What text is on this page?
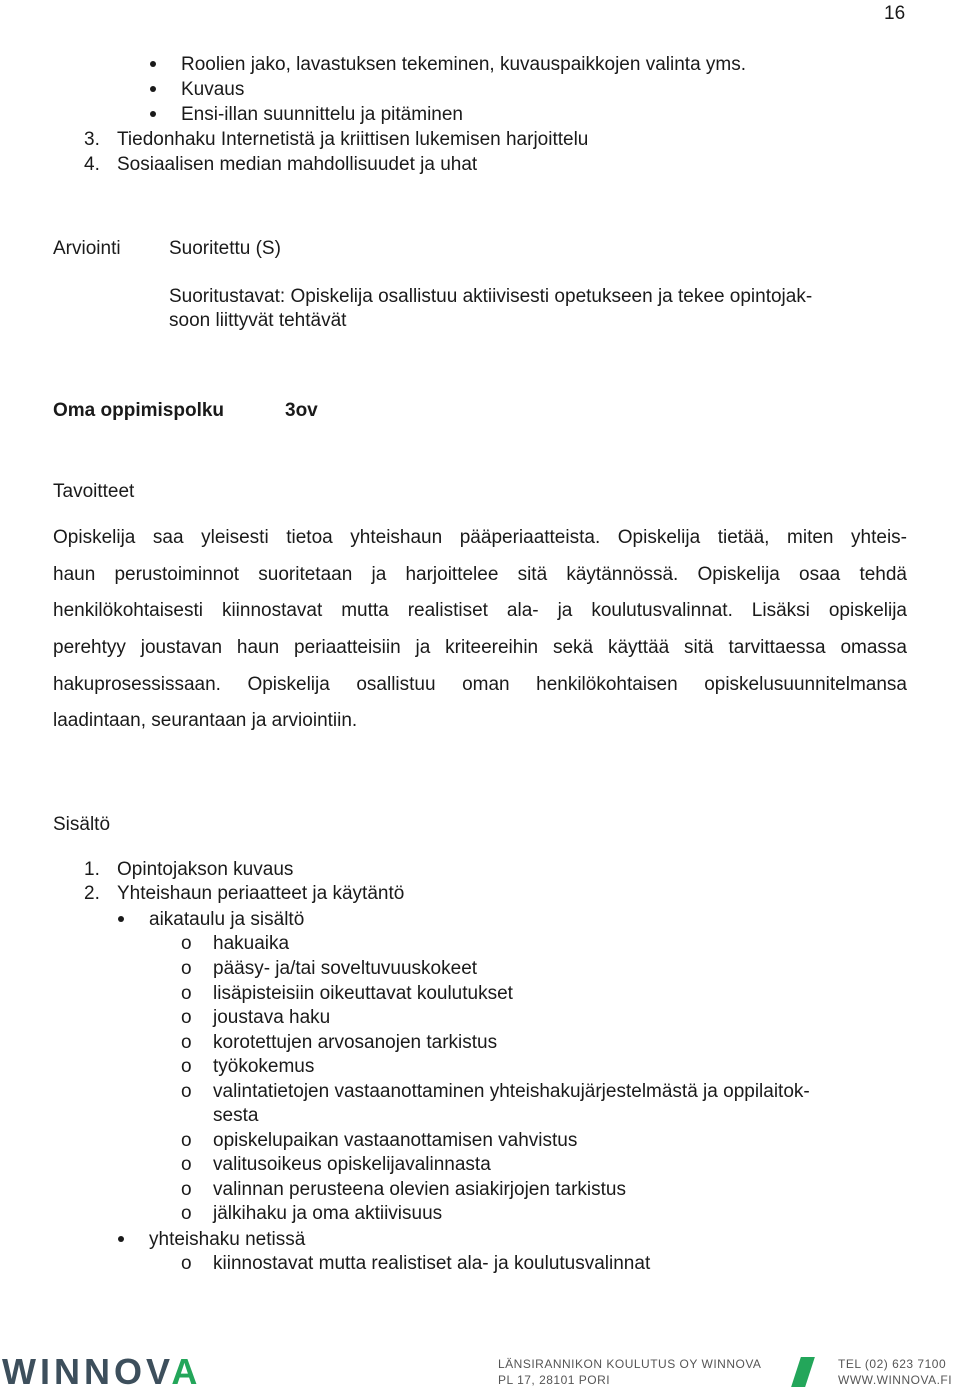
16
Roolien jako, lavastuksen tekeminen, kuvauspaikkojen valinta yms.
Kuvaus
Ensi-illan suunnittelu ja pitäminen
3. Tiedonhaku Internetistä ja kriittisen lukemisen harjoittelu
4. Sosiaalisen median mahdollisuudet ja uhat
Arviointi	Suoritettu (S)
Suoritustavat: Opiskelija osallistuu aktiivisesti opetukseen ja tekee opintojak-
soon liittyvät tehtävät
Oma oppimispolku	3ov
Tavoitteet
Opiskelija saa yleisesti tietoa yhteishaun pääperiaatteista. Opiskelija tietää, miten yhteis-
haun perustoiminnot suoritetaan ja harjoittelee sitä käytännössä. Opiskelija osaa tehdä
henkilökohtaisesti kiinnostavat mutta realistiset ala- ja koulutusvalinnat. Lisäksi opiskelija
perehtyy joustavan haun periaatteisiin ja kriteereihin sekä käyttää sitä tarvittaessa omassa
hakuprosessissaan. Opiskelija osallistuu oman henkilökohtaisen opiskelusuunnitelmansa
laadintaan, seurantaan ja arviointiin.
Sisältö
1. Opintojakson kuvaus
2. Yhteishaun periaatteet ja käytäntö
aikataulu ja sisältö
o hakuaika
o pääsy- ja/tai soveltuvuuskokeet
o lisäpisteisiin oikeuttavat koulutukset
o joustava haku
o korotettujen arvosanojen tarkistus
o työkokemus
o valintatietojen vastaanottaminen yhteishakujärjestelmästä ja oppilaitok-
sesta
o opiskelupaikan vastaanottamisen vahvistus
o valitusoikeus opiskelijavalinnasta
o valinnan perusteena olevien asiakirjojen tarkistus
o jälkihaku ja oma aktiivisuus
yhteishaku netissä
o kiinnostavat mutta realistiset ala- ja koulutusvalinnat
WINNOVA	LÄNSIRANNIKON KOULUTUS OY WINNOVA
PL 17, 28101 PORI
TEL (02) 623 7100
WWW.WINNOVA.FI
